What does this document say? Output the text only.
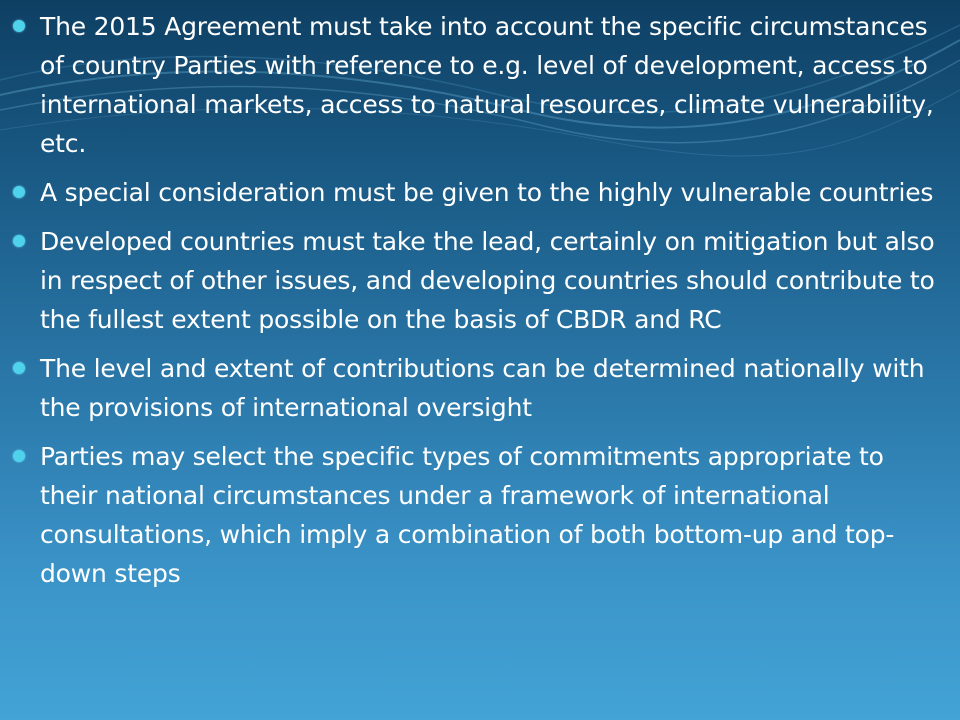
The 2015 Agreement must take into account the specific circumstances of country Parties with reference to e.g. level of development, access to international markets, access to natural resources, climate vulnerability, etc.
A special consideration must be given to the highly vulnerable countries
Developed countries must take the lead, certainly on mitigation but also in respect of other issues, and developing countries should contribute to the fullest extent possible on the basis of CBDR and RC
The level and extent of contributions can be determined nationally with the provisions of international oversight
Parties may select the specific types of commitments appropriate to their national circumstances under a framework of international consultations, which imply a combination of both bottom-up and top-down steps
